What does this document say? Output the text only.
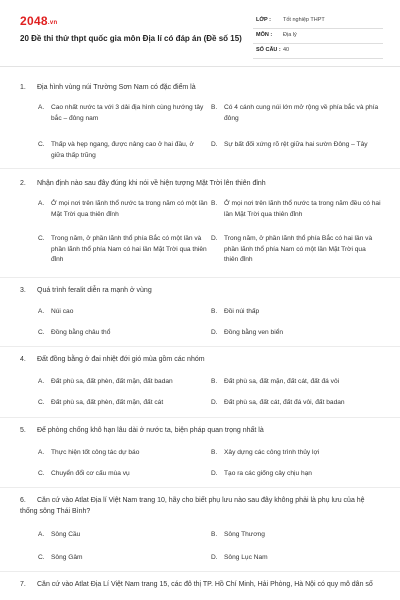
2048.vn
20 Đề thi thử thpt quốc gia môn Địa lí có đáp án (Đề số 15)
LỚP : Tốt nghiệp THPT
MÔN : Địa lý
SỐ CÂU : 40
1. Địa hình vùng núi Trường Sơn Nam có đặc điểm là
A. Cao nhất nước ta với 3 dải địa hình cùng hướng tây bắc – đông nam
B. Có 4 cánh cung núi lớn mở rộng về phía bắc và phía đông
C. Thấp và hẹp ngang, được nâng cao ở hai đầu, ở giữa thấp trũng
D. Sự bất đối xứng rõ rệt giữa hai sườn Đông – Tây
2. Nhận định nào sau đây đúng khi nói về hiện tượng Mặt Trời lên thiên đỉnh
A. Ở mọi nơi trên lãnh thổ nước ta trong năm có một lần Mặt Trời qua thiên đỉnh
B. Ở mọi nơi trên lãnh thổ nước ta trong năm đều có hai lần Mặt Trời qua thiên đỉnh
C. Trong năm, ở phần lãnh thổ phía Bắc có một lần và phần lãnh thổ phía Nam có hai lần Mặt Trời qua thiên đỉnh
D. Trong năm, ở phần lãnh thổ phía Bắc có hai lần và phần lãnh thổ phía Nam có một lần Mặt Trời qua thiên đỉnh
3. Quá trình feralit diễn ra mạnh ở vùng
A. Núi cao	B. Đồi núi thấp
C. Đồng bằng châu thổ	D. Đồng bằng ven biển
4. Đất đồng bằng ở đai nhiệt đới gió mùa gồm các nhóm
A. Đất phù sa, đất phèn, đất mặn, đất badan	B. Đất phù sa, đất mặn, đất cát, đất đá vôi
C. Đất phù sa, đất phèn, đất mặn, đất cát	D. Đất phù sa, đất cát, đất đá vôi, đất badan
5. Để phòng chống khô hạn lâu dài ở nước ta, biện pháp quan trọng nhất là
A. Thực hiện tốt công tác dự báo	B. Xây dựng các công trình thủy lợi
C. Chuyển đổi cơ cấu mùa vụ	D. Tạo ra các giống cây chịu hạn
6. Căn cứ vào Atlat Địa lí Việt Nam trang 10, hãy cho biết phụ lưu nào sau đây không phải là phụ lưu của hệ thống sông Thái Bình?
A. Sông Cầu	B. Sông Thương
C. Sông Gâm	D. Sông Lục Nam
7. Căn cứ vào Atlat Địa Lí Việt Nam trang 15, các đô thị TP. Hồ Chí Minh, Hải Phòng, Hà Nội có quy mô dân số
